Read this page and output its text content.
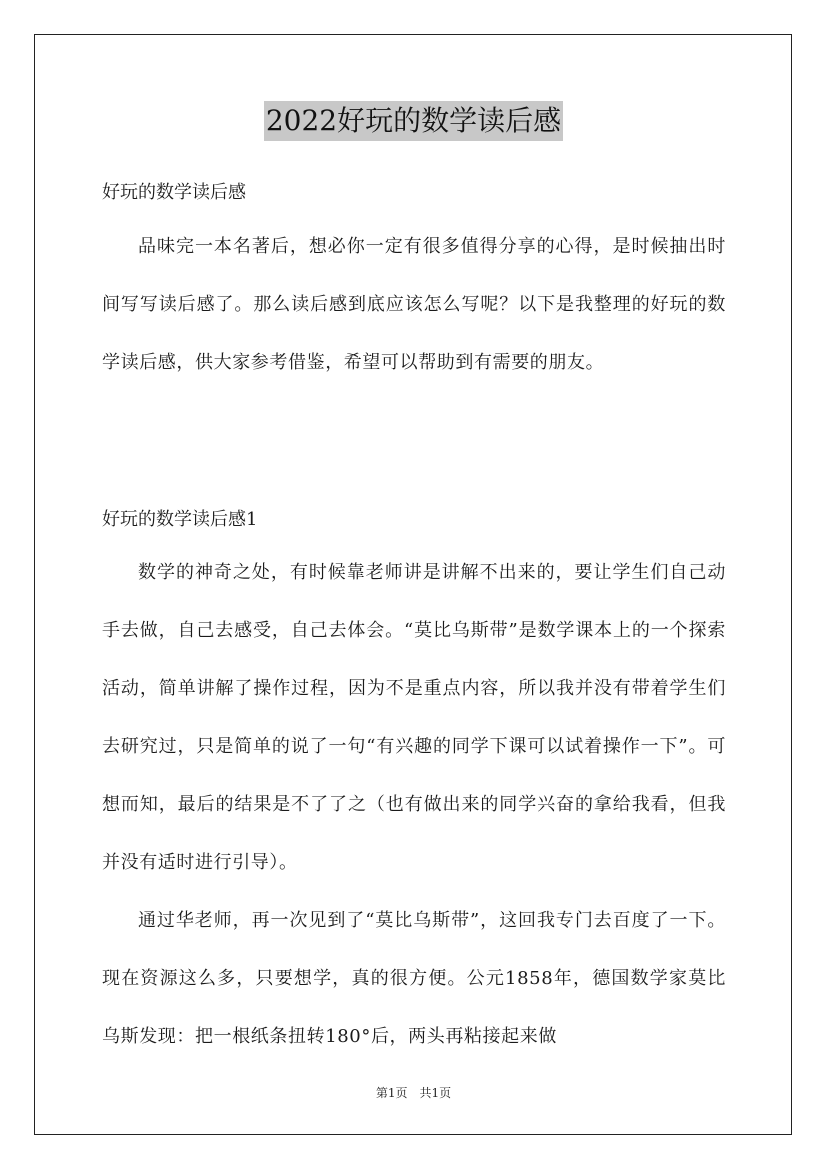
2022好玩的数学读后感

好玩的数学读后感

品味完一本名著后，想必你一定有很多值得分享的心得，是时候抽出时间写写读后感了。那么读后感到底应该怎么写呢？以下是我整理的好玩的数学读后感，供大家参考借鉴，希望可以帮助到有需要的朋友。

好玩的数学读后感1

数学的神奇之处，有时候靠老师讲是讲解不出来的，要让学生们自己动手去做，自己去感受，自己去体会。“莫比乌斯带”是数学课本上的一个探索活动，简单讲解了操作过程，因为不是重点内容，所以我并没有带着学生们去研究过，只是简单的说了一句“有兴趣的同学下课可以试着操作一下”。可想而知，最后的结果是不了了之（也有做出来的同学兴奋的拿给我看，但我并没有适时进行引导）。

通过华老师，再一次见到了“莫比乌斯带”，这回我专门去百度了一下。现在资源这么多，只要想学，真的很方便。公元1858年，德国数学家莫比乌斯发现：把一根纸条扭转180°后，两头再粘接起来做

第1页 共1页
